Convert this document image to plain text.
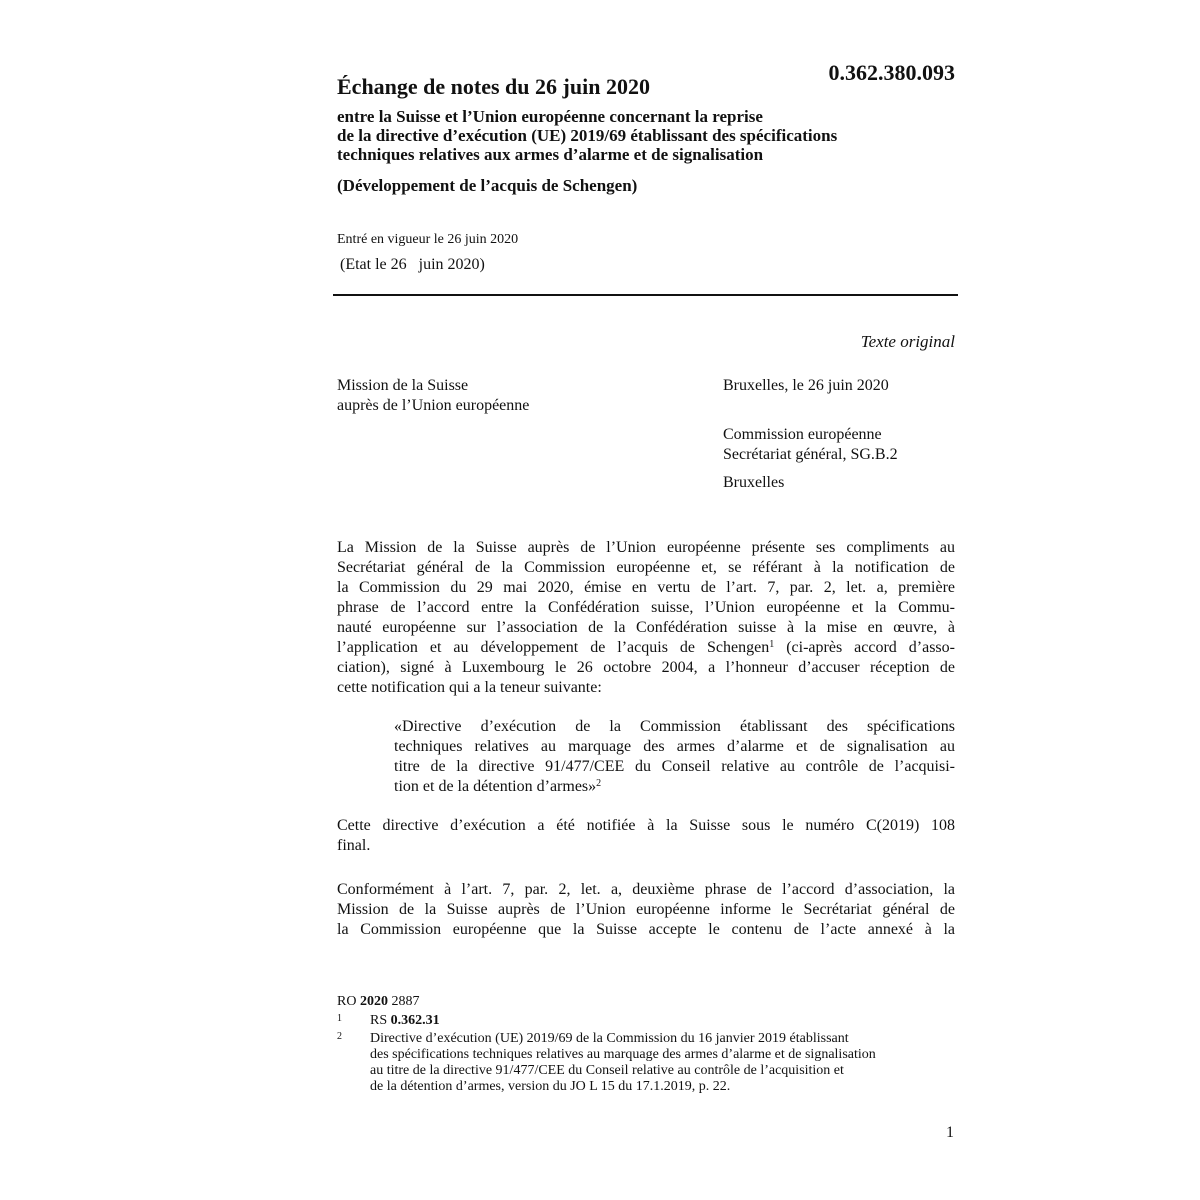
0.362.380.093
Échange de notes du 26 juin 2020
entre la Suisse et l’Union européenne concernant la reprise
de la directive d’exécution (UE) 2019/69 établissant des spécifications
techniques relatives aux armes d’alarme et de signalisation
(Développement de l’acquis de Schengen)
Entré en vigueur le 26 juin 2020
(Etat le 26   juin 2020)
Texte original
Mission de la Suisse
auprès de l’Union européenne
Bruxelles, le 26 juin 2020
Commission européenne
Secrétariat général, SG.B.2
Bruxelles
La Mission de la Suisse auprès de l’Union européenne présente ses compliments au
Secrétariat général de la Commission européenne et, se référant à la notification de
la Commission du 29 mai 2020, émise en vertu de l’art. 7, par. 2, let. a, première
phrase de l’accord entre la Confédération suisse, l’Union européenne et la Commu-
nauté européenne sur l’association de la Confédération suisse à la mise en œuvre, à
l’application et au développement de l’acquis de Schengen$^1$ (ci-après accord d’asso-
ciation), signé à Luxembourg le 26 octobre 2004, a l’honneur d’accuser réception de
cette notification qui a la teneur suivante:
«Directive d’exécution de la Commission établissant des spécifications
techniques relatives au marquage des armes d’alarme et de signalisation au
titre de la directive 91/477/CEE du Conseil relative au contrôle de l’acquisi-
tion et de la détention d’armes»$^2$
Cette directive d’exécution a été notifiée à la Suisse sous le numéro C(2019) 108
final.
Conformément à l’art. 7, par. 2, let. a, deuxième phrase de l’accord d’association, la
Mission de la Suisse auprès de l’Union européenne informe le Secrétariat général de
la Commission européenne que la Suisse accepte le contenu de l’acte annexé à la
RO 2020 2887
1 RS 0.362.31
2 Directive d’exécution (UE) 2019/69 de la Commission du 16 janvier 2019 établissant
des spécifications techniques relatives au marquage des armes d’alarme et de signalisation
au titre de la directive 91/477/CEE du Conseil relative au contrôle de l’acquisition et
de la détention d’armes, version du JO L 15 du 17.1.2019, p. 22.
1
